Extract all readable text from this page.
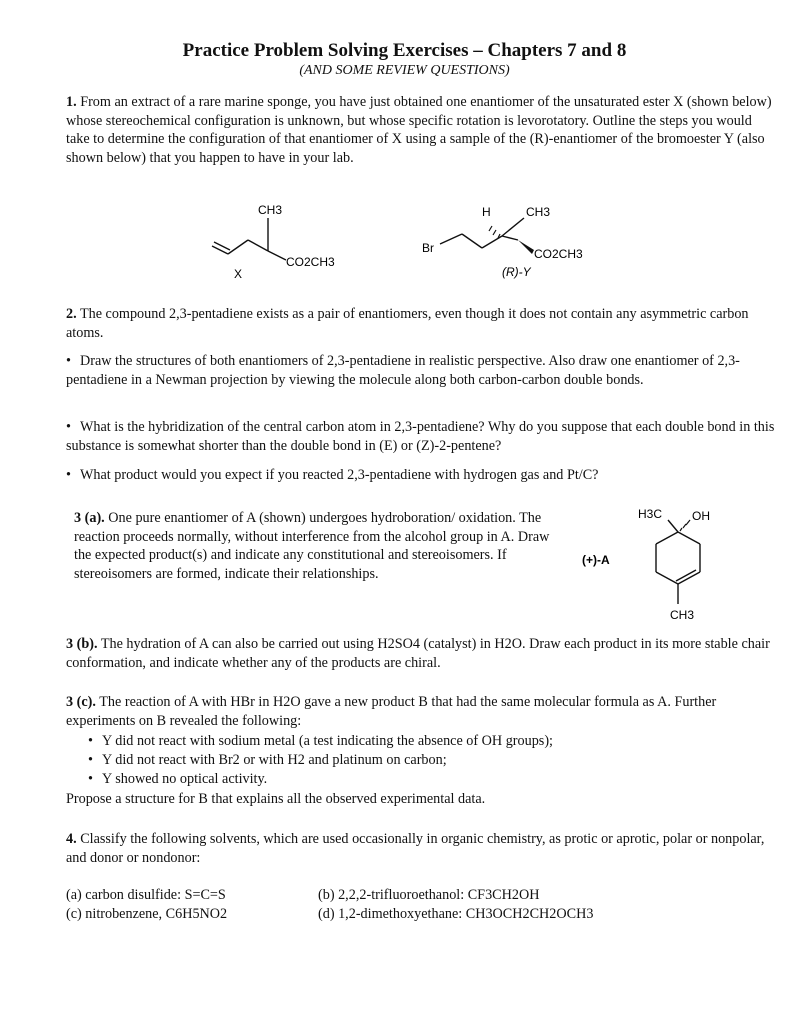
Practice Problem Solving Exercises – Chapters 7 and 8
(AND SOME REVIEW QUESTIONS)
1. From an extract of a rare marine sponge, you have just obtained one enantiomer of the unsaturated ester X (shown below) whose stereochemical configuration is unknown, but whose specific rotation is levorotatory. Outline the steps you would take to determine the configuration of that enantiomer of X using a sample of the (R)-enantiomer of the bromoester Y (also shown below) that you happen to have in your lab.
CH3
CO2CH3
X
H	CH3
Br	CO2CH3
(R)-Y
2. The compound 2,3-pentadiene exists as a pair of enantiomers, even though it does not contain any asymmetric carbon atoms.
• Draw the structures of both enantiomers of 2,3-pentadiene in realistic perspective. Also draw one enantiomer of 2,3-pentadiene in a Newman projection by viewing the molecule along both carbon-carbon double bonds.
• What is the hybridization of the central carbon atom in 2,3-pentadiene? Why do you suppose that each double bond in this substance is somewhat shorter than the double bond in (E) or (Z)-2-pentene?
• What product would you expect if you reacted 2,3-pentadiene with hydrogen gas and Pt/C?
3 (a). One pure enantiomer of A (shown) undergoes hydroboration/ oxidation. The reaction proceeds normally, without interference from the alcohol group in A. Draw the expected product(s) and indicate any constitutional and stereoisomers. If stereoisomers are formed, indicate their relationships.
H3C OH
CH3
(+)-A
3 (b). The hydration of A can also be carried out using H2SO4 (catalyst) in H2O. Draw each product in its more stable chair conformation, and indicate whether any of the products are chiral.
3 (c). The reaction of A with HBr in H2O gave a new product B that had the same molecular formula as A. Further experiments on B revealed the following:
• Y did not react with sodium metal (a test indicating the absence of OH groups);
• Y did not react with Br2 or with H2 and platinum on carbon;
• Y showed no optical activity.
Propose a structure for B that explains all the observed experimental data.
4. Classify the following solvents, which are used occasionally in organic chemistry, as protic or aprotic, polar or nonpolar, and donor or nondonor:
(a) carbon disulfide: S=C=S	(b) 2,2,2-trifluoroethanol: CF3CH2OH
(c) nitrobenzene, C6H5NO2	(d) 1,2-dimethoxyethane: CH3OCH2CH2OCH3
